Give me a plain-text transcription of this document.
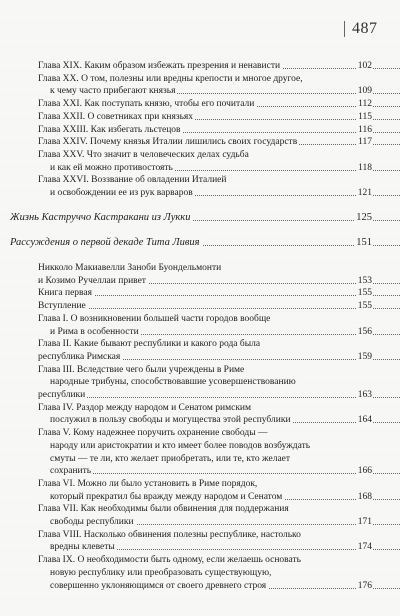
487
Глава XIX. Каким образом избежать презрения и ненависти	102
Глава XX. О том, полезны или вредны крепости и многое другое,
к чему часто прибегают князья	109
Глава XXI. Как поступать князю, чтобы его почитали	112
Глава XXII. О советниках при князьях	115
Глава XXIII. Как избегать льстецов	116
Глава XXIV. Почему князья Италии лишились своих государств	117
Глава XXV. Что значит в человеческих делах судьба
и как ей можно противостоять	118
Глава XXVI. Воззвание об овладении Италией
и освобождении ее из рук варваров	121
Жизнь Каструччо Кастракани из Лукки	125
Рассуждения о первой декаде Тита Ливия	151
Никколо Макиавелли Заноби Буондельмонти
и Козимо Ручеллаи привет	153
Книга первая	155
Вступление	155
Глава I. О возникновении большей части городов вообще
и Рима в особенности	156
Глава II. Какие бывают республики и какого рода была
республика Римская	159
Глава III. Вследствие чего были учреждены в Риме
народные трибуны, способствовавшие усовершенствованию
республики	163
Глава IV. Раздор между народом и Сенатом римским
послужил в пользу свободы и могущества этой республики	164
Глава V. Кому надежнее поручить охранение свободы —
народу или аристократии и кто имеет более поводов возбуждать
смуты — те ли, кто желает приобретать, или те, кто желает
сохранить	166
Глава VI. Можно ли было установить в Риме порядок,
который прекратил бы вражду между народом и Сенатом	168
Глава VII. Как необходимы были обвинения для поддержания
свободы республики	171
Глава VIII. Насколько обвинения полезны республике, настолько
вредны клеветы	174
Глава IX. О необходимости быть одному, если желаешь основать
новую республику или преобразовать существующую,
совершенно уклоняющимся от своего древнего строя	176
